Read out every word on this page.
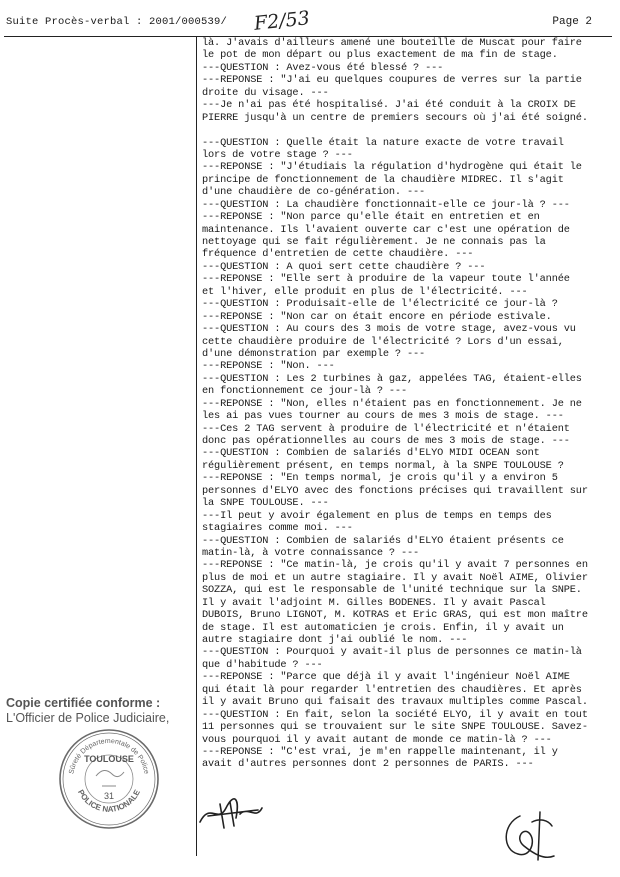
Suite Procès-verbal : 2001/000539/ F2/53	Page 2
là. J'avais d'ailleurs amené une bouteille de Muscat pour faire
le pot de mon départ ou plus exactement de ma fin de stage.
---QUESTION : Avez-vous été blessé ? ---
---REPONSE : "J'ai eu quelques coupures de verres sur la partie
droite du visage. ---
---Je n'ai pas été hospitalisé. J'ai été conduit à la CROIX DE
PIERRE jusqu'à un centre de premiers secours où j'ai été soigné.
---QUESTION : Quelle était la nature exacte de votre travail
lors de votre stage ? ---
---REPONSE : "J'étudiais la régulation d'hydrogène qui était le
principe de fonctionnement de la chaudière MIDREC. Il s'agit
d'une chaudière de co-génération. ---
---QUESTION : La chaudière fonctionnait-elle ce jour-là ? ---
---REPONSE : "Non parce qu'elle était en entretien et en
maintenance. Ils l'avaient ouverte car c'est une opération de
nettoyage qui se fait régulièrement. Je ne connais pas la
fréquence d'entretien de cette chaudière. ---
---QUESTION : A quoi sert cette chaudière ? ---
---REPONSE : "Elle sert à produire de la vapeur toute l'année
et l'hiver, elle produit en plus de l'électricité. ---
---QUESTION : Produisait-elle de l'électricité ce jour-là ?
---REPONSE : "Non car on était encore en période estivale.
---QUESTION : Au cours des 3 mois de votre stage, avez-vous vu
cette chaudière produire de l'électricité ? Lors d'un essai,
d'une démonstration par exemple ? ---
---REPONSE : "Non. ---
---QUESTION : Les 2 turbines à gaz, appelées TAG, étaient-elles
en fonctionnement ce jour-là ? ---
---REPONSE : "Non, elles n'étaient pas en fonctionnement. Je ne
les ai pas vues tourner au cours de mes 3 mois de stage. ---
---Ces 2 TAG servent à produire de l'électricité et n'étaient
donc pas opérationnelles au cours de mes 3 mois de stage. ---
---QUESTION : Combien de salariés d'ELYO MIDI OCEAN sont
régulièrement présent, en temps normal, à la SNPE TOULOUSE ?
---REPONSE : "En temps normal, je crois qu'il y a environ 5
personnes d'ELYO avec des fonctions précises qui travaillent sur
la SNPE TOULOUSE. ---
---Il peut y avoir également en plus de temps en temps des
stagiaires comme moi. ---
---QUESTION : Combien de salariés d'ELYO étaient présents ce
matin-là, à votre connaissance ? ---
---REPONSE : "Ce matin-là, je crois qu'il y avait 7 personnes en
plus de moi et un autre stagiaire. Il y avait Noël AIME, Olivier
SOZZA, qui est le responsable de l'unité technique sur la SNPE.
Il y avait l'adjoint M. Gilles BODENES. Il y avait Pascal
DUBOIS, Bruno LIGNOT, M. KOTRAS et Eric GRAS, qui est mon maître
de stage. Il est automaticien je crois. Enfin, il y avait un
autre stagiaire dont j'ai oublié le nom. ---
---QUESTION : Pourquoi y avait-il plus de personnes ce matin-là
que d'habitude ? ---
---REPONSE : "Parce que déjà il y avait l'ingénieur Noël AIME
qui était là pour regarder l'entretien des chaudières. Et après
il y avait Bruno qui faisait des travaux multiples comme Pascal.
---QUESTION : En fait, selon la société ELYO, il y avait en tout
11 personnes qui se trouvaient sur le site SNPE TOULOUSE. Savez-
vous pourquoi il y avait autant de monde ce matin-là ? ---
---REPONSE : "C'est vrai, je m'en rappelle maintenant, il y
avait d'autres personnes dont 2 personnes de PARIS. ---
Copie certifiée conforme :
L'Officier de Police Judiciaire,
Sûreté Départementale de Police
TOULOUSE
31
POLICE NATIONALE
